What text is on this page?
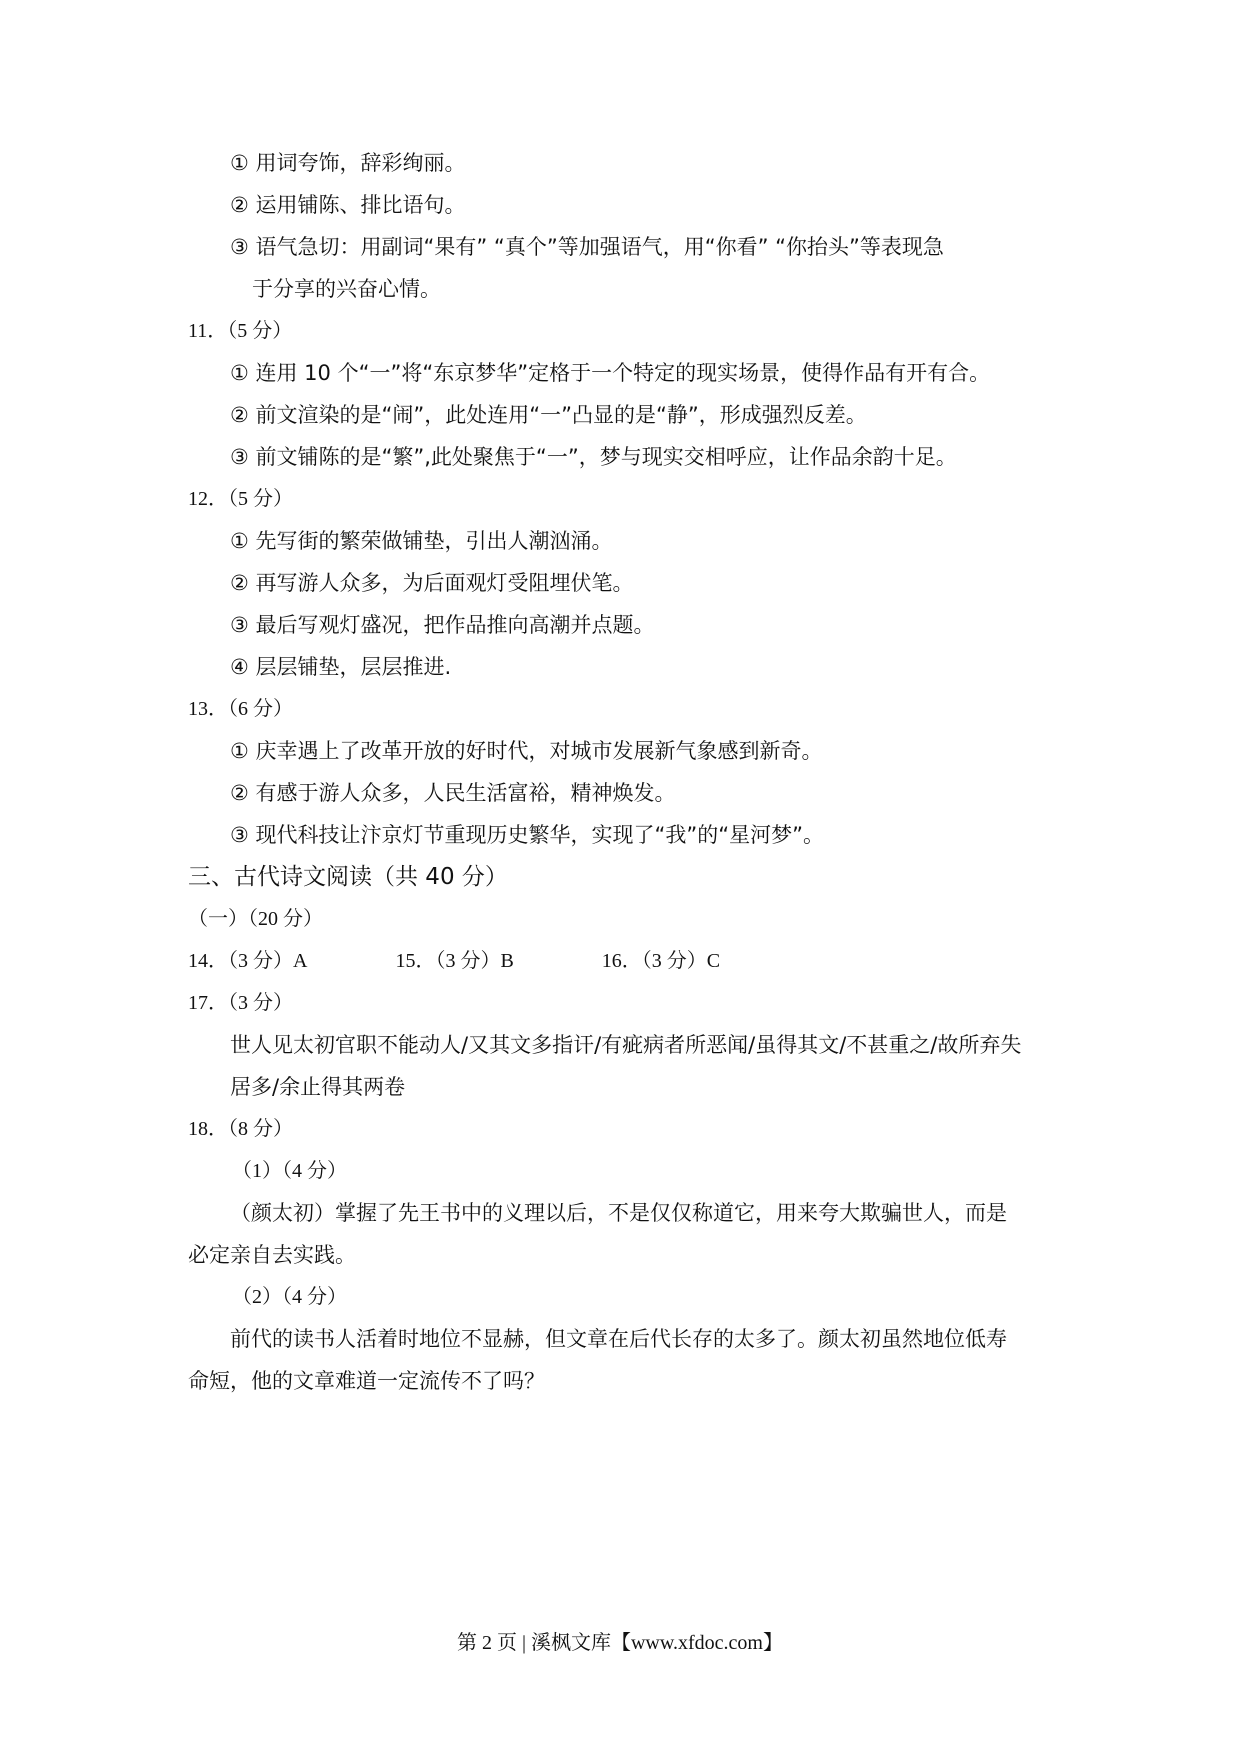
① 用词夸饰，辞彩绚丽。
② 运用铺陈、排比语句。
③ 语气急切：用副词“果有” “真个”等加强语气，用“你看” “你抬头”等表现急
于分享的兴奋心情。
11．（5 分）
① 连用 10 个“一”将“东京梦华”定格于一个特定的现实场景，使得作品有开有合。
② 前文渲染的是“闹”，此处连用“一”凸显的是“静”，形成强烈反差。
③ 前文铺陈的是“繁”,此处聚焦于“一”，梦与现实交相呼应，让作品余韵十足。
12．（5 分）
① 先写街的繁荣做铺垫，引出人潮汹涌。
② 再写游人众多，为后面观灯受阻埋伏笔。
③ 最后写观灯盛况，把作品推向高潮并点题。
④ 层层铺垫，层层推进.
13．（6 分）
① 庆幸遇上了改革开放的好时代，对城市发展新气象感到新奇。
② 有感于游人众多，人民生活富裕，精神焕发。
③ 现代科技让汴京灯节重现历史繁华，实现了“我”的“星河梦”。
三、古代诗文阅读（共 40 分）
（一）（20 分）
14．（3 分）A	15．（3 分）B	16．（3 分）C
17．（3 分）
世人见太初官职不能动人/又其文多指讦/有疵病者所恶闻/虽得其文/不甚重之/故所弃失
居多/余止得其两卷
18．（8 分）
（1）（4 分）
（颜太初）掌握了先王书中的义理以后，不是仅仅称道它，用来夸大欺骗世人，而是
必定亲自去实践。
（2）（4 分）
前代的读书人活着时地位不显赫，但文章在后代长存的太多了。颜太初虽然地位低寿
命短，他的文章难道一定流传不了吗？
第 2 页 | 溪枫文库【www.xfdoc.com】
